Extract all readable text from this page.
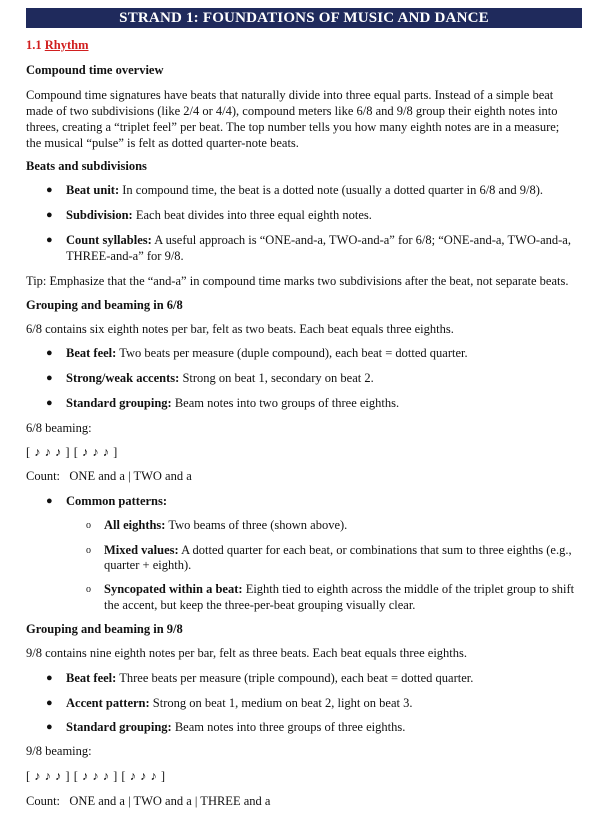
STRAND 1: FOUNDATIONS OF MUSIC AND DANCE
1.1 Rhythm
Compound time overview
Compound time signatures have beats that naturally divide into three equal parts. Instead of a simple beat
made of two subdivisions (like 2/4 or 4/4), compound meters like 6/8 and 9/8 group their eighth notes into
threes, creating a “triplet feel” per beat. The top number tells you how many eighth notes are in a measure;
the musical “pulse” is felt as dotted quarter-note beats.
Beats and subdivisions
● Beat unit: In compound time, the beat is a dotted note (usually a dotted quarter in 6/8 and 9/8).
● Subdivision: Each beat divides into three equal eighth notes.
● Count syllables: A useful approach is “ONE-and-a, TWO-and-a” for 6/8; “ONE-and-a, TWO-and-a,
THREE-and-a” for 9/8.
Tip: Emphasize that the “and-a” in compound time marks two subdivisions after the beat, not separate beats.
Grouping and beaming in 6/8
6/8 contains six eighth notes per bar, felt as two beats. Each beat equals three eighths.
● Beat feel: Two beats per measure (duple compound), each beat = dotted quarter.
● Strong/weak accents: Strong on beat 1, secondary on beat 2.
● Standard grouping: Beam notes into two groups of three eighths.
6/8 beaming:
[ ♪ ♪ ♪ ] [ ♪ ♪ ♪ ]
Count:   ONE and a | TWO and a
● Common patterns:
o All eighths: Two beams of three (shown above).
o Mixed values: A dotted quarter for each beat, or combinations that sum to three eighths (e.g.,
quarter + eighth).
o Syncopated within a beat: Eighth tied to eighth across the middle of the triplet group to shift
the accent, but keep the three-per-beat grouping visually clear.
Grouping and beaming in 9/8
9/8 contains nine eighth notes per bar, felt as three beats. Each beat equals three eighths.
● Beat feel: Three beats per measure (triple compound), each beat = dotted quarter.
● Accent pattern: Strong on beat 1, medium on beat 2, light on beat 3.
● Standard grouping: Beam notes into three groups of three eighths.
9/8 beaming:
[ ♪ ♪ ♪ ] [ ♪ ♪ ♪ ] [ ♪ ♪ ♪ ]
Count:   ONE and a | TWO and a | THREE and a
